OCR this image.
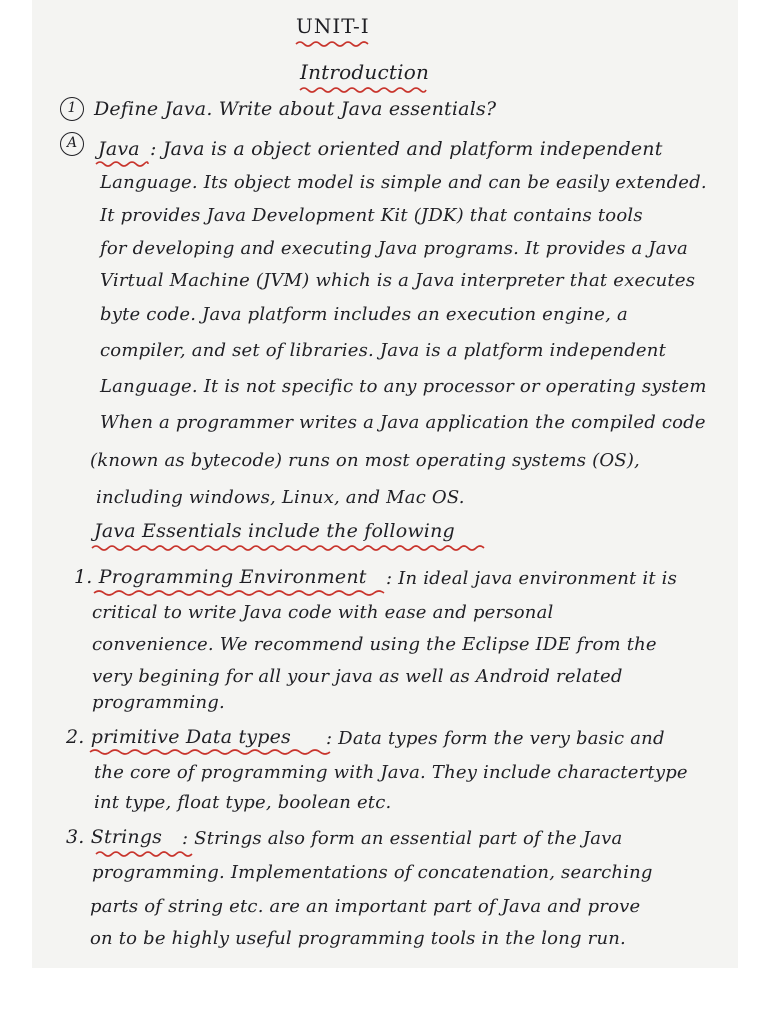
UNIT-I
Introduction
1 Define Java. Write about Java essentials?
A	Java : Java is a object oriented and platform independent
Language. Its object model is simple and can be easily extended.
It provides Java Development Kit (JDK) that contains tools
for developing and executing Java programs. It provides a Java
Virtual Machine (JVM) which is a Java interpreter that executes
byte code. Java platform includes an execution engine, a
compiler, and set of libraries. Java is a platform independent
Language. It is not specific to any processor or operating system
When a programmer writes a Java application the compiled code
(known as bytecode) runs on most operating systems (OS),
including windows, Linux, and Mac OS.
Java Essentials include the following
1. Programming Environment : In ideal java environment it is
critical to write Java code with ease and personal
convenience. We recommend using the Eclipse IDE from the
very begining for all your java as well as Android related
programming.
2. primitive Data types : Data types form the very basic and
the core of programming with Java. They include charactertype
int type, float type, boolean etc.
3. Strings : Strings also form an essential part of the Java
programming. Implementations of concatenation, searching
parts of string etc. are an important part of Java and prove
on to be highly useful programming tools in the long run.
